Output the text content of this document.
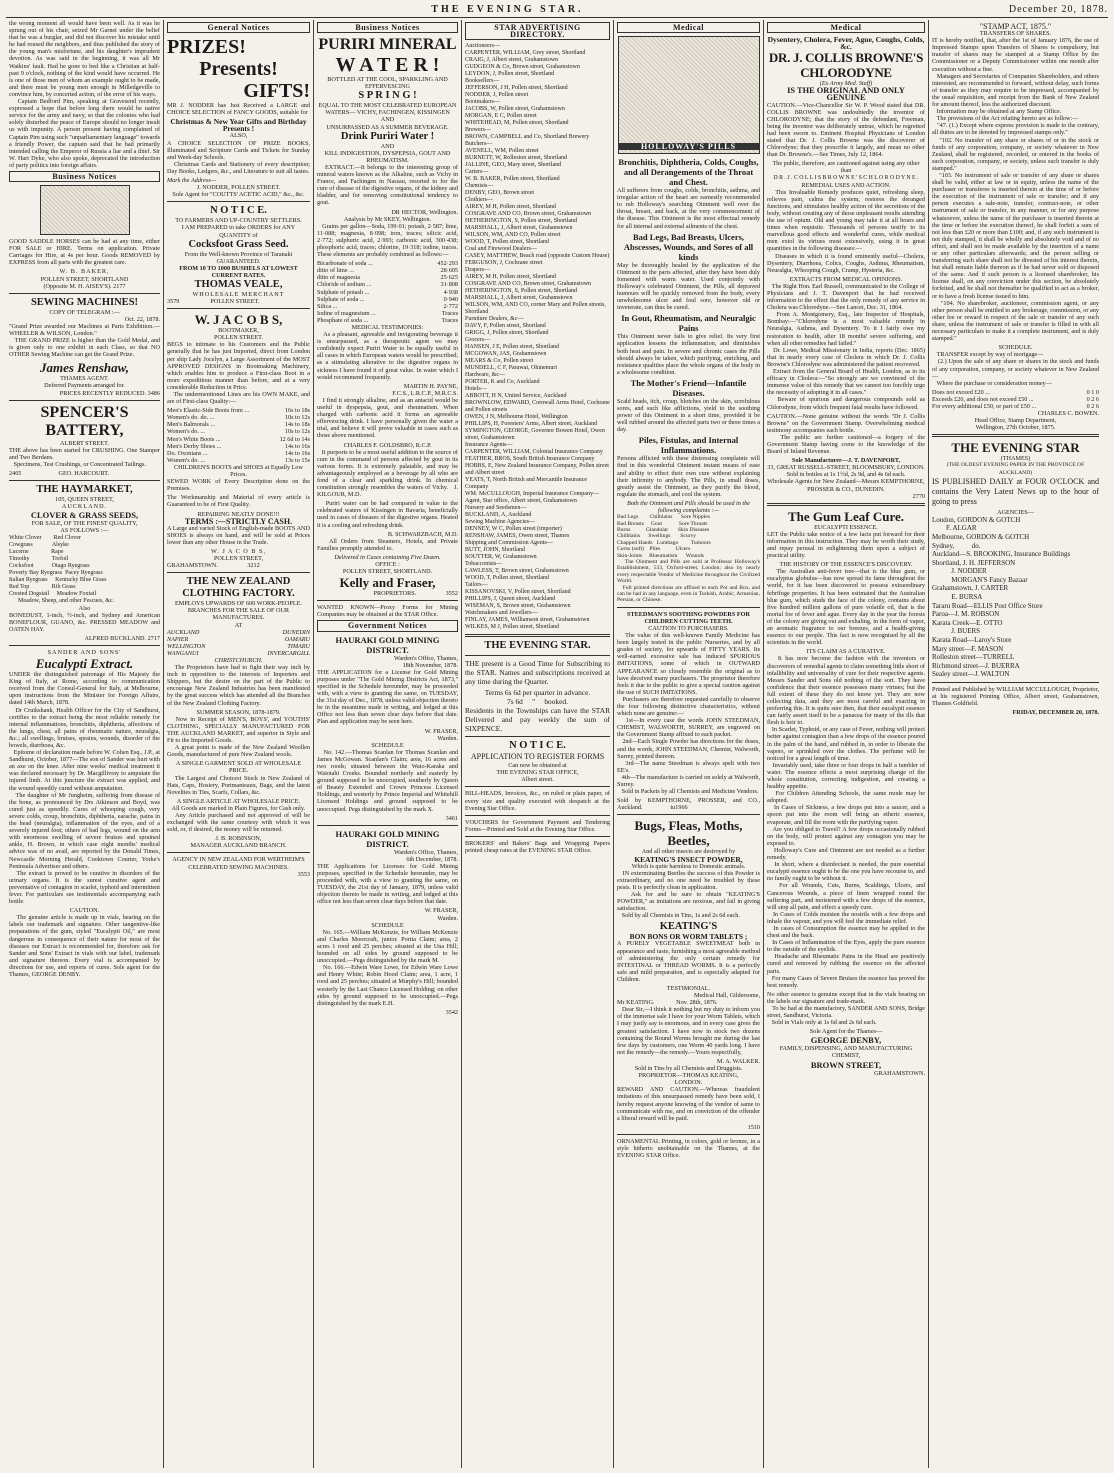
THE EVENING STAR.	December 20, 1878.

the wrong moment all would have been well. As it was he sprung out of his chair, seized Mr Garnet under the belief that he was a burglar, and did not discover his mistake until he had roused the neighbors, and thus published the story of the young man's misfortune, and his daughter's imprudent devotion. As was said in the beginning, it was all Mr Watkins' fault. Had he gone to bed like a Christian at half-past 9 o'clock, nothing of the kind would have occurred. He is one of those men of whom an example ought to be made, and there must be young men enough in Milledgeville to convince him, by concerted action, of the error of his ways.
Captain Bedford Pim, speaking at Gravesend recently, expressed a hope that before long there would be native service for the army and navy, so that the colonies who had solely disturbed the peace of Europe should no longer insult us with impunity. A person present having complained of Captain Pim using such "unparliamentary language" towards a friendly Power, the captain said that he had primarily intended calling the Emperor of Russia a liar and a thief. Sir W. Hart Dyke, who also spoke, deprecated the introduction of party politics into foreign affairs.

Business Notices

GOOD SADDLE HORSES can be had at any time, either FOR SALE or HIRE. Terms on application. Private Carriages for Hire, at 4s per hour. Goods REMOVED by EXPRESS from all parts with the greatest care.

W. B. BAKER,
POLLEN STREET, SHORTLAND
(Opposite M. H. AISEY'S). 2177
SEWING MACHINES!
COPY OF TELEGRAM :—
Oct. 22, 1878.

"Grand Prize awarded our Machines at Paris Exhibition.—WHEELER & WILSON, London."
THE GRAND PRIZE is higher than the Gold Medal, and is given only to one exhibit in each Class, so that NO OTHER Sewing Machine can get the Grand Prize.

James Renshaw,
THAMES AGENT.
Deferred Payments arranged for.
PRICES RECENTLY REDUCED. 3486
SPENCER'S
BATTERY,
ALBERT STREET.

THE above has been started for CRUSHING. One Stamper and Two Berdans.
Specimens, Test Crushings, or Concentrated Tailings.

2465                        GEO. HARCOURT.
THE HAYMARKET,
105, QUEEN STREET,
AUCKLAND.
CLOVER & GRASS SEEDS,
FOR SALE, OF THE FINEST QUALITY,
AS FOLLOWS :—
White Clover        Red Clover
Cowgrass             Alsyke
Lucerne               Rape
Timothy               Trefoil
Cocksfoot            Otago Ryegrass
Poverty Bay Ryegrass  Pacey Ryegrass
Italian Ryegrass     Kentucky Blue Grass
Red Top               Rib Grass
Crested Dogstail     Meadow Foxtail
Meadow, Sheep, and other Fescues, &c.
Also

BONEDUST, 1-inch, ½-inch, and Sydney and American BONEFLOUR, GUANO, &c. PRESSED MEADOW and OATEN HAY.

ALFRED BUCKLAND. 2717
SANDER AND SONS'
Eucalypti Extract.

UNDER the distinguished patronage of His Majesty the King of Italy, at Rome, according to communication received from the Consul-General for Italy, at Melbourne, upon instructions from the Minister for Foreign Affairs, dated 14th March, 1878.
Dr Cruikshank, Health Officer for the City of Sandhurst, certifies to the extract being the most reliable remedy for internal inflammations, bronchitis, diphtheria, affections of the lungs, chest, all pains of rheumatic nature, neuralgia, &c.; all swellings, bruises, sprains, wounds, disorder of the bowels, diarrhoea, &c.
Epitome of declaration made before W. Cohen Esq., J.P., at Sandhurst, October, 1877—The son of Sander was hurt with an axe on the knee. After nine weeks' medical treatment it was declared necessary by Dr. Macgillivray to amputate the injured limb. At this juncture the extract was applied, and the wound speedily cured without amputation.
The daughter of Mr Jungheim, suffering from disease of the bone, as pronounced by Drs Atkinson and Boyd, was cured just as speedily. Cures of whooping cough, very severe colds, croup, bronchitis, diphtheria, earache, pains in the head (neuralgia), inflammation of the eyes, and of a severely injured foot; others of bad legs, wound on the arm with enormous swelling of severe bruises and sprained ankle, H. Brown, in which case eight months' medical advice was of no avail, are reported by the Donald Times, Newcastle Morning Herald, Cooktown Courier, Yorke's Peninsula Advertiser and others.
The extract is proved to be curative in disorders of the urinary organs. It is the surest curative agent and preventative of contagion in scarlet, typhoid and intermittent fever. For particulars see testimonials accompanying each bottle.

CAUTION.

The genuine article is made up in vials, bearing on the labels our trademark and signature. Other tangentive-like preparations of the gum, styled "Eucalypti Oil," are most dangerous in consequence of their nature for most of the diseases our Extract is recommended for, therefore ask for Sander and Sons' Extract in vials with our label, trademark and signature thereon. Every vial is accompanied by directions for use, and reports of cures. Sole agent for the Thames, GEORGE DENBY.

General Notices
PRIZES!
Presents!
GIFTS!

MR J. NODDER has Just Received a LARGE and CHOICE SELECTION of FANCY GOODS, suitable for

Christmas & New Year Gifts and Birthday Presents !
ALSO,

A CHOICE SELECTION OF PRIZE BOOKS, Illuminated and Scripture Cards and Tickets for Sunday and Week-day Schools.
Christmas Cards and Stationery of every description; Day Books, Ledgers, &c., and Literature to suit all tastes.

Mark the Address—
J. NODDER, POLLEN STREET.
Sole Agent for "COUTTS' ACETIC ACID," &c., &c.
N O T I C E.
TO FARMERS AND UP-COUNTRY SETTLERS.
I AM PREPARED to take ORDERS for ANY QUANTITY of
Cocksfoot Grass Seed.
From the Well-known Province of Taranaki GUARANTEED.
FROM 10 TO 1000 BUSHELS AT LOWEST CURRENT RATES.
THOMAS VEALE,
WHOLESALE MERCHANT
3579                    POLLEN STREET.
W. J A C O B S,
BOOTMAKER,
POLLEN STREET.

BEGS to intimate to his Customers and the Public generally that he has just Imported, direct from London per ship Lady Jocelyn, a Large Assortment of the MOST APPROVED DESIGNS in Bootmaking Machinery, which enables him to produce a First-class Boot in a more expeditious manner than before, and at a very considerable Reduction in Price.
The undermentioned Lines are his OWN MAKE, and are of First-class Quality:—

Men's Elastic-Side Boots from ...	16s to 18s
Women's do. do. ...	10s to 12s
Men's Balmorals ...	14s to 18s
Women's do. ...	10s to 12s
Men's White Boots ...	12 6d to 14s
Men's Derby Shoes ...	14s to 16s
Do. Oxonians ...	14s to 16s
Women's do. ...	13s to 15s
CHILDREN'S BOOTS and SHOES at Equally Low Prices.

SEWED WORK of Every Description done on the Premises.

The Workmanship and Material of every article is Guaranteed to be of First Quality.

REPAIRING NEATLY DONE!!!
TERMS :—STRICTLY CASH.

A Large and varied Stock of English-made BOOTS AND SHOES is always on hand, and will be sold at Prices lower than any other House in the Trade.

W. J A C O B S,
POLLEN STREET,
GRAHAMSTOWN.                   3212
THE NEW ZEALAND
CLOTHING FACTORY.
EMPLOYS UPWARDS OF 600 WORK-PEOPLE.
BRANCHES FOR THE SALE OF OUR MANUFACTURES.
AT
AUCKLAND	DUNEDIN
NAPIER	OAMARU
WELLINGTON	TIMARU
WANGANUI	INVERCARGILL
CHRISTCHURCH.

The Proprietors have had to fight their way inch by inch in opposition to the interests of Importers and Shippers, but the desire on the part of the Public to encourage New Zealand Industries has been manifested by the great success which has attended all the Branches of the New Zealand Clothing Factory.

SUMMER SEASON, 1878-1879.

Now in Receipt of MEN'S, BOYS', and YOUTHS' CLOTHING, SPECIALLY MANUFACTURED FOR THE AUCKLAND MARKET, and superior in Style and Fit to the Imported Goods.
A great point is made of the New Zealand Woollen Goods, manufactured of pure New Zealand wools.

A SINGLE GARMENT SOLD AT WHOLESALE PRICE.

The Largest and Choicest Stock in New Zealand of Hats, Caps, Hosiery, Portmanteaux, Bags, and the latest Novelties in Ties, Scarfs, Collars, &c.

A SINGLE ARTICLE AT WHOLESALE PRICE.

All Goods are marked in Plain Figures, for Cash only.
Any Article purchased and not approved of will be exchanged with the same courtesy with which it was sold, or, if desired, the money will be returned.

J. B. ROBINSON,
MANAGER AUCKLAND BRANCH.
AGENCY IN NEW ZEALAND FOR WERTHEIM'S CELEBRATED SEWING MACHINES.
3553
Business Notices
PURIRI MINERAL
W A T E R !
BOTTLED AT THE COOL, SPARKLING AND EFFERVESCING
S P R I N G !
EQUAL TO THE MOST CELEBRATED EUROPEAN WATERS— VICHY, FACHINGEN, KISSINGEN
AND
UNSURPASSED AS A SUMMER BEVERAGE.
Drink Puriri Water !
AND
KILL INDIGESTION, DYSPEPSIA, GOUT AND RHEUMATISM.

EXTRACT.—It belongs to the interesting group of mineral waters known as the Alkaline, such as Vichy in France, and Fachingen in Nassau, resorted to for the cure of disease of the digestive organs, of the kidney and bladder, and for removing constitutional tendency to gout.

DR HECTOR, Wellington.
Analysis by Mr SKEY, Wellington.

Grains per gallon—Soda, 199·01; potash, 2·587; lime, 11·088; magnesia, 8·098; iron, traces; silicic acid, 2·772; sulphuric acid, 2·993; carbonic acid, 300·438; phosphoric acid, traces; chlorine, 19·318; iodine, traces. These elements are probably combined as follows:—

Bicarbonate of soda ...	452·293
ditto of lime ...	28·605
ditto of magnesia	25·625
Chloride of sodium ...	31·808
Sulphate of potash ...	4·938
Sulphate of soda ...	0·940
Silica ...	2·772
Iodine of magnesium ...	Traces
Phosphate of soda ...	Traces
MEDICAL TESTIMONIES:

As a pleasant, agreeable and invigorating beverage it is unsurpassed, as a therapeutic agent we may confidently expect Puriri Water to be equally useful in all cases in which European waters would be prescribed; as a stimulating alterative to the digestive organs in sickness I have found it of great value. In water which I would recommend frequently.

MARTIN H. PAYNE,
F.C.S., L.R.C.P., M.R.C.S.

I find it strongly alkaline, and as an antacid would be useful in dyspepsia, gout, and rheumatism. When charged with carbonic acid it forms an agreeable effervescing drink. I have personally given the water a trial, and believe it will prove valuable in cases such as those above mentioned.

CHARLES F. GOLDSBRO, R.C.P.

It purports to be a most useful addition to the source of cure in the command of persons affected by gout in its various forms. It is extremely palatable, and may be advantageously employed as a beverage by all who are fond of a clear and sparkling drink. In chemical constitution strongly resembles the waters of Vichy.   J. KILGOUR, M.D.

Puriri water can be had compared in value to the celebrated waters of Kissingen in Bavaria, beneficially used in cases of diseases of the digestive organs. Heated it is a cooling and refreshing drink.

B. SCHWARZBACH, M.D.

All Orders from Steamers, Hotels, and Private Families promptly attended to.

Delivered in Cases containing Five Dozen.
OFFICE :
POLLEN STREET, SHORTLAND.
Kelly and Fraser,
PROPRIETORS.                   3552

WANTED KNOWN—Proxy Forms for Mining Companies may be obtained at the STAR Office.

Government Notices
HAURAKI GOLD MINING DISTRICT.
Warden's Office, Thames,
18th November, 1878.

THE APPLICATION for a License for Gold Mining purposes under "The Gold Mining Districts Act, 1873," specified in the Schedule hereunder, may be proceeded with, with a view to granting the same, on TUESDAY, the 31st day of Dec., 1878, unless valid objection thereto be in the meantime made in writing, and lodged at this Office not less than seven clear days before that date. Plan and application may be seen here.

W. FRASER,
Warden.
SCHEDULE

No. 142.—Thomas Scanlan for Thomas Scanlan and James McGowan. Scanlan's Claim; area, 16 acres and two roods; situated between the Waio-Karaka and Waiotahi Creeks. Bounded northerly and easterly by ground supposed to be unoccupied, southerly by Queen of Beauty Extended and Crown Princess Licensed Holdings, and westerly by Prince Imperial and Whitehill Licensed Holdings and ground supposed to be unoccupied. Pegs distinguished by the mark X.

3461
HAURAKI GOLD MINING DISTRICT.
Warden's Office, Thames,
6th December, 1878.

THE Applications for Licenses for Gold Mining purposes, specified in the Schedule hereunder, may be proceeded with, with a view to granting the same, on TUESDAY, the 21st day of January, 1879, unless valid objection thereto be made in writing, and lodged at this office not less than seven clear days before that date.

W. FRASER,
Warden.
SCHEDULE

No. 165.—William McKenzie, for William McKenzie and Charles Moorcraft, junior. Portia Claim; area, 2 acres 1 rood and 25 perches; situated at the Una Hill; bounded on all sides by ground supposed to be unoccupied.—Pegs distinguished by the mark M.
No. 166.—Edwin Ware Lowe, for Edwin Ware Lowe and Henry White; Robin Hood Claim; area, 1 acre, 1 rood and 25 perches; situated at Murphy's Hill; bounded westerly by the Last Chance Licensed Holding; on other sides by ground supposed to be unoccupied.—Pegs distinguished by the mark E.H.

3542
STAR ADVERTISING DIRECTORY.
Auctioneers—
CARPENTER, WILLIAM, Grey street, Shortland
CRAIG, J, Albert street, Grahamstown
GUDGEON & Co, Brown street, Grahamstown
LEYDON, J, Pollen street, Shortland
Booksellers—
JEFFERSON, J H, Pollen street, Shortland
NODDER, J, Pollen street
Bootmakers—
JACOBS, W, Pollen street, Grahamstown
MORGAN, E C, Pollen street
WHITEHEAD, M, Pollen street, Shortland
Brewers—
BROWN, CAMPBELL and Co, Shortland Brewery
Butchers—
AVENELL, WM, Pollen street
BURNETT, W, Rolleston street, Shortland
JALLINE, GEO, Mary street, Shortland
Carters—
W. B. BAKER, Pollen street, Shortland
Chemists—
DENBY, GEO, Brown street
Clothiers—
AIREY, M H, Pollen street, Shortland
COSGRAVE AND CO, Brown street, Grahamstown
HETHERINGTON, S, Pollen street, Shortland
MARSHALL, J, Albert street, Grahamstown
WILSON, WM, AND CO, Pollen street
WOOD, T, Pollen street, Shortland
Coal and Firewood Dealers—
CASEY, MATTHEW, Beach road (opposite Custom House)
FERGUSON, J, Cochrane street
Drapers—
AIREY, M H, Pollen street, Shortland
COSGRAVE AND CO, Brown street, Grahamstown
HETHERINGTON, S, Pollen street, Shortland
MARSHALL, J, Albert street, Grahamstown
WILSON, WM, AND CO, corner Mary and Pollen streets, Shortland
Furniture Dealers, &c—
DAVY, F, Pollen street, Shortland
GRIGG, J, Pollen street, Shortland
Grocers—
HANSEN, J E, Pollen street, Shortland
MCGOWAN, JAS, Grahamstown
MEARS & Co, Pollen street
MUNDELL, C F, Parawai, Ohinemuri
Hardware, &c—
PORTER, K and Co, Auckland
Hotels—
ABBOTT, H N, United Service, Auckland
BROWNLOW, EDWARD, Cornwall Arms Hotel, Cochrane and Pollen streets
OWEN, J N, Melbourne Hotel, Wellington
PHILLIPS, H, Foresters' Arms, Albert street, Auckland
SYMINGTON, GEORGE, Governor Bowen Hotel, Owen street, Grahamstown
Insurance Agents—
CARPENTER, WILLIAM, Colonial Insurance Company
FEATHER, BROS, South British Insurance Company
HOBBS, E, New Zealand Insurance Company, Pollen street and Albert street
YEATS, T, North British and Mercantile Insurance Company
WM. McCULLOUGH, Imperial Insurance Company—Agent, Star office, Albert street, Grahamstown
Nursery and Seedsmen—
BUCKLAND, A, Auckland
Sewing Machine Agencies—
DENNEY, W C, Pollen street (importer)
RENSHAW, JAMES, Owen street, Thames
Shipping and Commission Agents—
BUTT, JOHN, Shortland
SOUTTER, W, Grahamstown
Tobacconists—
LAWLESS, T, Brown street, Grahamstown
WOOD, T, Pollen street, Shortland
Tailors—
KISSANOVSKI, V, Pollen street, Shortland
PHILLIPS, J, Queen street, Auckland
WISEMAN, S, Brown street, Grahamstown
Watchmakers and Jewellers—
FINLAY, JAMES, Williamson street, Grahamstown
WILKES, M J, Pollen street, Shortland
THE EVENING STAR.

THE present is a Good Time for Subscribing to the STAR. Names and subscriptions received at any time during the Quarter.

Terms 6s 6d per quarter in advance.
7s 6d     "     booked.

Residents in the Townships can have the STAR Delivered and pay weekly the sum of SIXPENCE.

N O T I C E.
APPLICATION TO REGISTER FORMS
Can now be obtained at
THE EVENING STAR OFFICE,
Albert street.

BILL-HEADS, Invoices, &c., on ruled or plain paper, of every size and quality executed with despatch at the Evening Star Office.

VOUCHERS for Government Payment and Tendering Forms—Printed and Sold at the Evening Star Office.

BROKERS' and Bakers' Bags and Wrapping Papers printed cheap rates at the EVENING STAR Office.

Medical
HOLLOWAY'S PILLS
Bronchitis, Diphtheria, Colds, Coughs, and all Derangements of the Throat and Chest.

All sufferers from coughs, colds, bronchitis, asthma, and irregular action of the heart are earnestly recommended to rub Holloway's searching Ointment well over the throat, breast, and back, at the very commencement of the disease. This Ointment is the most effectual remedy for all internal and external ailments of the chest.

Bad Legs, Bad Breasts, Ulcers, Abscesses, Wounds, and Sores of all kinds

May be thoroughly healed by the application of the Ointment to the parts affected, after they have been duly fomented with warm water. Used conjointly with Holloway's celebrated Ointment, the Pills, all depraved humours will be quickly removed from the body, every unwholesome ulcer and foul sore, however old or inveterate, can thus be cured.

In Gout, Rheumatism, and Neuralgic Pains

This Ointment never fails to give relief. Its very first application lessens the inflammation, and diminishes both heat and pain. In severe and chronic cases the Pills should always be taken, which purifying, enriching, and resistance qualities place the whole organs of the body in a wholesome condition.

The Mother's Friend—Infantile Diseases.

Scald heads, itch, croup, blotches on the skin, scrofulous sores, and such like afflictions, yield to the soothing power of this Ointment in a short time, provided it be well rubbed around the affected parts two or three times a day.

Piles, Fistulas, and Internal Inflammations.

Persons afflicted with these distressing complaints will find in this wonderful Ointment instant means of ease and ability to effect their own cure without explaining their infirmity to anybody. The Pills, in small doses, greatly assist the Ointment, as they purify the blood, regulate the stomach, and cool the system.

Both the Ointment and Pills should be used in the following complaints :—
Bad Legs        Chilblains      Sore Nipples
Bad Breasts     Gout            Sore Throats
Burns           Glandular       Skin Diseases
Chilblains      Swellings       Scurvy
Chapped Hands   Lumbago         Tumours
Corns (soft)    Piles           Ulcers
Skin-Joints     Rheumatism      Wounds

The Ointment and Pills are sold at Professor Holloway's Establishment, 533, Oxford-street, London; also by nearly every respectable Vendor of Medicine throughout the Civilized World.
Full printed directions are affixed to each Pot and Box, and can be had in any language, even in Turkish, Arabic, Armenian, Persian, or Chinese.

STEEDMAN'S SOOTHING POWDERS FOR CHILDREN CUTTING TEETH.
CAUTION TO PURCHASERS.

The value of this well-known Family Medicine has been largely tested in the public Nurseries, and by all grades of society, for upwards of FIFTY YEARS. Its well-earned excessive sale has induced SPURIOUS IMITATIONS, some of which in OUTWARD APPEARANCE so closely resemble the original as to have deceived many purchasers. The proprietor therefore feels it due to the public to give a special caution against the use of SUCH IMITATIONS.
Purchasers are therefore requested carefully to observe the four following distinctive characteristics, without which none are genuine:—
1st—In every case the words JOHN STEEDMAN, CHEMIST, WALWORTH, SURREY, are engraved on the Government Stamp affixed to each packet.
2nd—Each Single Powder has directions for the doses, and the words, JOHN STEEDMAN, Chemist, Walworth, Surrey, printed thereon.
3rd—The name Steedman is always spelt with two EE's.
4th—The manufacture is carried on solely at Walworth, Surrey.
Sold in Packets by all Chemists and Medicine Vendors.

Sold by KEMPTHORNE, PROSSER, and CO., Auckland.                  tu1966
Bugs, Fleas, Moths, Beetles,
And all other insects are destroyed by
KEATING'S INSECT POWDER,
Which is quite harmless to Domestic animals.

IN exterminating Beetles the success of this Powder is extraordinary, and no one need be troubled by these pests. It is perfectly clean in application.
Ask for and be sure to obtain "KEATING'S POWDER," as imitations are noxious, and fail in giving satisfaction.
Sold by all Chemists in Tins, 1s and 2s 6d each.

KEATING'S
BON BONS OR WORM TABLETS ;

A PURELY VEGETABLE SWEETMEAT both in appearance and taste, furnishing a most agreeable method of administering the only certain remedy for INTESTINAL or THREAD WORMS. It is a perfectly safe and mild preparation, and is especially adapted for Children.

TESTIMONIAL.
Medical Hall, Gildersome,
Mr KEATING.              Nov. 28th, 1876.

Dear Sir,—I think it nothing but my duty to inform you of the immense sale I have for your Worm Tablets, which I may justly say is enormous, and in every case gives the greatest satisfaction. I have now in stock two dozens containing the Round Worms brought me during the last few days by customers, one Worm 40 yards long. I have not the remedy—the remedy.—Yours respectfully,

M. A. WALKER.
Sold in Tins by all Chemists and Druggists.
PROPRIETOR—THOMAS KEATING,
LONDON.

REWARD AND CAUTION.—Whereas fraudulent imitations of this unsurpassed remedy have been sold, I hereby request anyone knowing of the vendor of same to communicate with me, and on conviction of the offender a liberal reward will be paid.

1510

ORNAMENTAL Printing, in colors, gold or bronze, in a style hitherto unobtainable on the Thames, at the EVENING STAR Office.

Medical
Dysentery, Cholera, Fever, Ague, Coughs, Colds, &c.
DR. J. COLLIS BROWNE'S CHLORODYNE
(Ex Army Med. Staff)
IS THE ORIGINAL AND ONLY GENUINE

CAUTION.—Vice-Chancellor Sir W. P. Wood stated that DR. COLLIS BROWNE was undoubtedly the inventor of CHLORODYNE; that the story of the defendant, Freeman, being the inventor was deliberately untrue, which he regretted had been sworn to. Eminent Hospital Physicians of London stated that Dr. J. Collis Browne was the discoverer of Chlorodyne; that they prescribe it largely, and mean no other than Dr. Browne's.—See Times, July 12, 1864.

The public, therefore, are cautioned against using any other than
D R . J . C O L L I S B R O W N E ' S C H L O R O D Y N E .
REMEDIAL USES AND ACTION.

This Invaluable Remedy produces quiet, refreshing sleep, relieves pain, calms the system, restores the deranged functions, and stimulates healthy action of the secretions of the body, without creating any of those unpleasant results attending the use of opium. Old and young may take it at all hours and times when requisite. Thousands of persons testify to its marvellous good effects and wonderful cures, while medical men extol its virtues most extensively, using it in great quantities in the following diseases:—
Diseases in which it is found eminently useful—Cholera, Dysentery, Diarrhoea, Colics, Coughs, Asthma, Rheumatism, Neuralgia, Whooping Cough, Cramp, Hysteria, &c.

EXTRACTS FROM MEDICAL OPINIONS.

The Right Hon. Earl Russell, communicated to the College of Physicians and J. T. Davenport that he had received information to the effect that the only remedy of any service in Cholera was Chlorodyne.—See Lancet, Dec. 31, 1864.
From A. Montgomery, Esq., late Inspector of Hospitals, Bombay:—"Chlorodyne is a most valuable remedy in Neuralgia, Asthma, and Dysentery. To it I fairly owe my restoration to health, after 18 months' severe suffering, and when all other remedies had failed."
Dr. Lowe, Medical Missionary in India, reports (Dec. 1865) that in nearly every case of Cholera in which Dr. J. Collis Browne's Chlorodyne was administered the patient recovered.
Extract from the General Board of Health, London, as to its efficacy in Cholera:—"So strongly are we convinced of the immense value of this remedy that we cannot too forcibly urge the necessity of adopting it in all cases."
Beware of spurious and dangerous compounds sold as Chlorodyne, from which frequent fatal results have followed.

CAUTION.—None genuine without the words "Dr J. Collis Browne" on the Government Stamp. Overwhelming medical testimony accompanies each bottle.
The public are further cautioned—a forgery of the Government Stamp having come to the knowledge of the Board of Inland Revenue.

Sole Manufacturer—J. T. DAVENPORT,
33, GREAT RUSSELL-STREET, BLOOMSBURY, LONDON.
Sold in bottles at 1s 1½d, 2s 9d, and 4s 6d each.
Wholesale Agents for New Zealand—Messrs KEMPTHORNE, PROSSER & CO., DUNEDIN.
2770
The Gum Leaf Cure.
EUCALYPTI ESSENCE.

LET the Public take notice of a few facts put forward for their information in this instruction. They may be worth their study, and repay perusal in enlightening them upon a subject of practical utility.

THE HISTORY OF THE ESSENCE'S DISCOVERY.

The Australian anti-fever tree—that is the blue gum, or eucalyptus globulus—has now spread its fame throughout the world, for it has been discovered to possess extraordinary febrifuge properties. It has been estimated that the Australian blue gum, which studs the face of the colony, contains about five hundred million gallons of pure volatile oil, that is the mortal foe of fever and ague. Every day in the year the forests of the colony are giving out and exhaling, in the form of vapor, an aromatic fragrance to our breezes, and a health-giving essence to our people. This fact is now recognised by all the scientists in the world.

ITS CLAIM AS A CURATIVE.

It has now become the fashion with the inventors or discoverers of remedial agents to claim something little short of infallibility and universality of cure for their respective agents. Messrs Sander and Sons old nothing of the sort. They have confidence that their essence possesses many virtues; but the full extent of these they do not know yet. They are now collecting data, and they are most careful and exacting in preferring this. It is quite sure then, that their eucalypti essence can fairly assert itself to be a panacea for many of the ills that flesh is heir to.
In Scarlet, Typhoid, or any case of Fever, nothing will protect better against contagion than a few drops of the essence poured in the palm of the hand, and rubbed in, in order to liberate the vapors, or sprinkled over the clothes. The perfume will be noticed for a great length of time.
Invariably used, take three or four drops in half a tumbler of water. The essence effects a most surprising change of the whole constitution, correcting indigestion, and creating a healthy appetite.
For Children Attending Schools, the same mode may be adopted.
In Cases of Sickness, a few drops put into a saucer, and a spoon put into the room will bring an etheric essence, evaporate, and fill the room with the purifying vapor.
Are you obliged to Travel? A few drops occasionally rubbed on the body, will protect against any contagion you may be exposed to.
Holloway's Cure and Ointment are not needed as a further remedy.
In short, where a disinfectant is needed, the pure essential eucalypti essence ought to be the one you have recourse to, and no family ought to be without it.
For all Wounds, Cuts, Burns, Scaldings, Ulcers, and Cancerous Wounds, a piece of linen wrapped round the suffering part, and moistened with a few drops of the essence, will stop all pain, and effect a speedy cure.
In Cases of Colds moisten the nostrils with a few drops and inhale the vapour, and you will feel the immediate relief.
In cases of Consumption the essence may be applied to the chest and the back.
In Cases of Inflammation of the Eyes, apply the pure essence to the outside of the eyelids.
Headache and Rheumatic Pains in the Head are positively cured and removed by rubbing the essence on the affected parts.
For many Cases of Severe Bruises the essence has proved the best remedy.

No other essence is genuine except that in the vials bearing on the labels our signature and trade-mark.
To be had at the manufactory, SANDER AND SONS, Bridge street, Sandhurst, Victoria.
Sold in Vials only at 1s 6d and 2s 6d each.

Sole Agent for the Thames—
GEORGE DENBY,
FAMILY, DISPENSING, AND MANUFACTURING CHEMIST,
BROWN STREET,
GRAHAMSTOWN.
"STAMP ACT, 1875."
TRANSFERS OF SHARES.

IT is hereby notified, that, after the 1st of January 1876, the use of Impressed Stamps upon Transfers of Shares is compulsory, but transfer of shares may be stamped at a Stamp Office by the Commissioner or a Deputy Commissioner within one month after execution without a fine.
Managers and Secretaries of Companies Shareholders, and others interested, are recommended to forward, without delay, such forms of transfer as they may require to be impressed, accompanied by the usual requisition, and receipt from the Bank of New Zealand for amount thereof, less the authorized discount.
Information may be obtained at any Stamp Office.
The provisions of the Act relating hereto are as follow:—
"47. (1.) Except where express provision is made to the contrary, all duties are to be denoted by impressed stamps only."
"102. No transfer of any share or shares of or in the stock or funds of any corporation, company, or society whatever in New Zealand, shall be registered, recorded, or entered in the books of such corporation, company, or society, unless such transfer is duly stamped."
"103. No instrument of sale or transfer of any share or shares shall be valid, either at law or in equity, unless the name of the purchaser or transferee is inserted therein at the time of or before the execution of the instrument of sale or transfer; and if any person executes a sale-note, transfer, contract-note, or other instrument of sale or transfer, in any manner, or for any purpose whatsoever, unless the name of the purchaser is inserted therein at the time or before the execution thereof, he shall forfeit a sum of not less than £20 or more than £100; and, if any such instrument is not duly stamped, it shall be wholly and absolutely void and of no effect, and shall not be made available by the insertion of a name or any other particulars afterwards; and the person selling or transferring such share shall not be divested of his interest therein, but shall remain liable thereon as if he had never sold or disposed of the same. And if such person is a licensed sharebroker, his license shall, on any conviction under this section, be absolutely forfeited, and he shall not thereafter be qualified to act as a broker, or to have a fresh license issued to him.
"104. No sharebroker, auctioneer, commission agent, or any other person shall be entitled to any brokerage, commission, or any other fee or reward in respect of the sale or transfer of any such share, unless the instrument of sale or transfer is filled in with all necessary particulars to make it a complete instrument, and is duly stamped."

SCHEDULE.

TRANSFER except by way of mortgage—
(2.) Upon the sale of any share or shares in the stock and funds of any corporation, company, or society whatever in New Zealand—
Where the purchase or consideration money—

Does not exceed £20 ...	0 1 0
Exceeds £20, and does not exceed £50 ...	0 2 6
For every additional £50, or part of £50 ...	0 2 6
CHARLES C. BOWEN.
Head Office, Stamp Department,
Wellington, 27th October, 1875.
THE EVENING STAR
(THAMES)
(THE OLDEST EVENING PAPER IN THE PROVINCE OF AUCKLAND)

IS PUBLISHED DAILY at FOUR O'CLOCK and contains the Very Latest News up to the hour of going to press

AGENCIES—
London, GORDON & GOTCH
F. ALGAR
Melbourne, GORDON & GOTCH
Sydney,          do.
Auckland—S. BROOKING, Insurance Buildings
Shortland, J. H. JEFFERSON
J. NODDER
MORGAN'S Fancy Bazaar
Grahamstown, J. CARTER
E. BURSA
Tararu Road—ELLIS Post Office Store
Paroa—J. M. ROBSON
Karata Creek—E. OTTO
J. BUERS
Karata Road—Laroy's Store
Mary street—F. MASON
Rolleston street—TURRELL
Richmond street—J. BUERRA
Sealey street—J. WALTON

Printed and Published by WILLIAM MCCULLOUGH, Proprietor, at his registered Printing Office, Albert street, Grahamstown, Thames Goldfield.

FRIDAY, DECEMBER 20, 1878.
